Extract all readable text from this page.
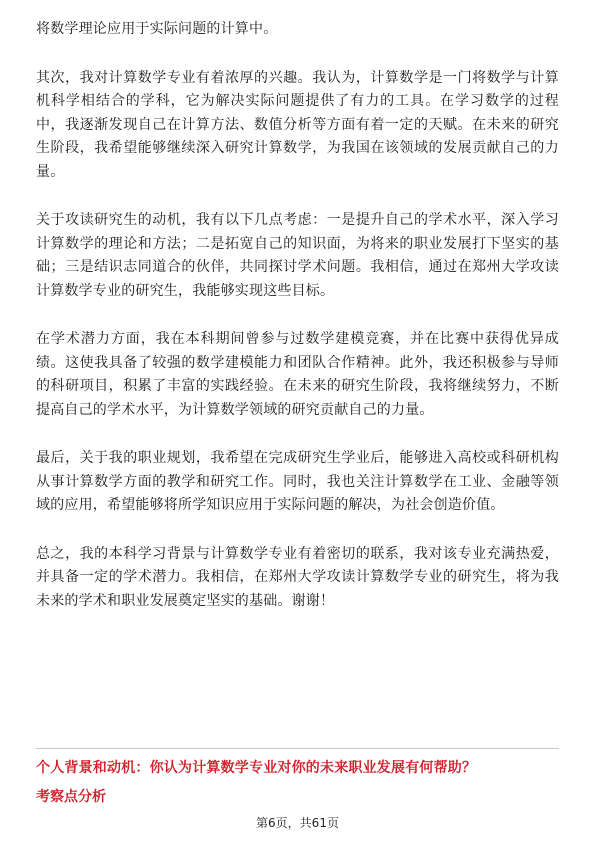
将数学理论应用于实际问题的计算中。

其次，我对计算数学专业有着浓厚的兴趣。我认为，计算数学是一门将数学与计算机科学相结合的学科，它为解决实际问题提供了有力的工具。在学习数学的过程中，我逐渐发现自己在计算方法、数值分析等方面有着一定的天赋。在未来的研究生阶段，我希望能够继续深入研究计算数学，为我国在该领域的发展贡献自己的力量。

关于攻读研究生的动机，我有以下几点考虑：一是提升自己的学术水平，深入学习计算数学的理论和方法；二是拓宽自己的知识面，为将来的职业发展打下坚实的基础；三是结识志同道合的伙伴，共同探讨学术问题。我相信，通过在郑州大学攻读计算数学专业的研究生，我能够实现这些目标。

在学术潜力方面，我在本科期间曾参与过数学建模竞赛，并在比赛中获得优异成绩。这使我具备了较强的数学建模能力和团队合作精神。此外，我还积极参与导师的科研项目，积累了丰富的实践经验。在未来的研究生阶段，我将继续努力，不断提高自己的学术水平，为计算数学领域的研究贡献自己的力量。

最后，关于我的职业规划，我希望在完成研究生学业后，能够进入高校或科研机构从事计算数学方面的教学和研究工作。同时，我也关注计算数学在工业、金融等领域的应用，希望能够将所学知识应用于实际问题的解决，为社会创造价值。

总之，我的本科学习背景与计算数学专业有着密切的联系，我对该专业充满热爱，并具备一定的学术潜力。我相信，在郑州大学攻读计算数学专业的研究生，将为我未来的学术和职业发展奠定坚实的基础。谢谢！

个人背景和动机：你认为计算数学专业对你的未来职业发展有何帮助？
考察点分析
第6页，共61页
